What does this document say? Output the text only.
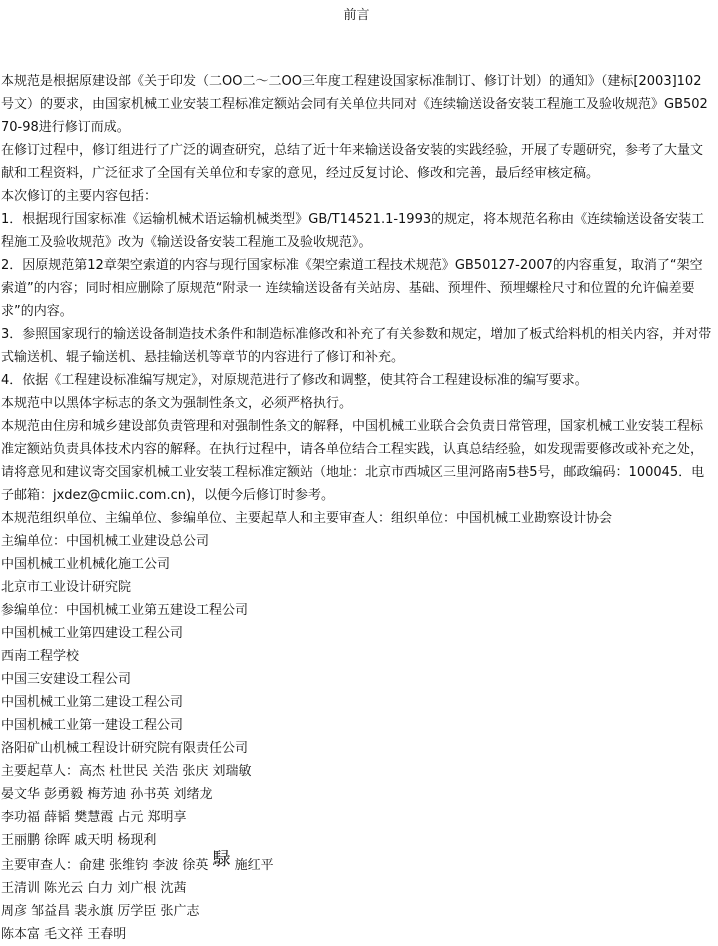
前言

本规范是根据原建设部《关于印发（二OO二～二OO三年度工程建设国家标准制订、修订计划）的通知》（建标[2003]102号文）的要求，由国家机械工业安装工程标准定额站会同有关单位共同对《连续输送设备安装工程施工及验收规范》GB50270-98进行修订而成。

在修订过程中，修订组进行了广泛的调查研究，总结了近十年来输送设备安装的实践经验，开展了专题研究，参考了大量文献和工程资料，广泛征求了全国有关单位和专家的意见，经过反复讨论、修改和完善，最后经审核定稿。

本次修订的主要内容包括：

1．根据现行国家标准《运输机械术语运输机械类型》GB/T14521.1-1993的规定，将本规范名称由《连续输送设备安装工程施工及验收规范》改为《输送设备安装工程施工及验收规范》。

2．因原规范第12章架空索道的内容与现行国家标准《架空索道工程技术规范》GB50127-2007的内容重复，取消了“架空索道”的内容；同时相应删除了原规范“附录一 连续输送设备有关站房、基础、预埋件、预埋螺栓尺寸和位置的允许偏差要求”的内容。

3．参照国家现行的输送设备制造技术条件和制造标准修改和补充了有关参数和规定，增加了板式给料机的相关内容，并对带式输送机、辊子输送机、悬挂输送机等章节的内容进行了修订和补充。

4．依据《工程建设标准编写规定》，对原规范进行了修改和调整，使其符合工程建设标准的编写要求。

本规范中以黑体字标志的条文为强制性条文，必须严格执行。

本规范由住房和城乡建设部负责管理和对强制性条文的解释，中国机械工业联合会负责日常管理，国家机械工业安装工程标准定额站负责具体技术内容的解释。在执行过程中，请各单位结合工程实践，认真总结经验，如发现需要修改或补充之处，请将意见和建议寄交国家机械工业安装工程标准定额站（地址：北京市西城区三里河路南5巷5号，邮政编码：100045．电子邮箱：jxdez@cmiic.com.cn)，以便今后修订时参考。

本规范组织单位、主编单位、参编单位、主要起草人和主要审查人：组织单位：中国机械工业勘察设计协会

主编单位：中国机械工业建设总公司

中国机械工业机械化施工公司

北京市工业设计研究院

参编单位：中国机械工业第五建设工程公司

中国机械工业第四建设工程公司

西南工程学校

中国三安建设工程公司

中国机械工业第二建设工程公司

中国机械工业第一建设工程公司

洛阳矿山机械工程设计研究院有限责任公司

主要起草人：高杰 杜世民 关浩 张庆 刘瑞敏

晏文华 彭勇毅 梅芳迪 孙书英 刘绪龙

李功福 薛韬 樊慧霞 占元 郑明享

王丽鹏 徐晖 戚天明 杨现利

主要审查人：俞建 张维钧 李波 徐英 騄 施红平

王清训 陈光云 白力 刘广根 沈茜

周彦 邹益昌 裴永旗 厉学臣 张广志

陈本富 毛文祥 王春明
